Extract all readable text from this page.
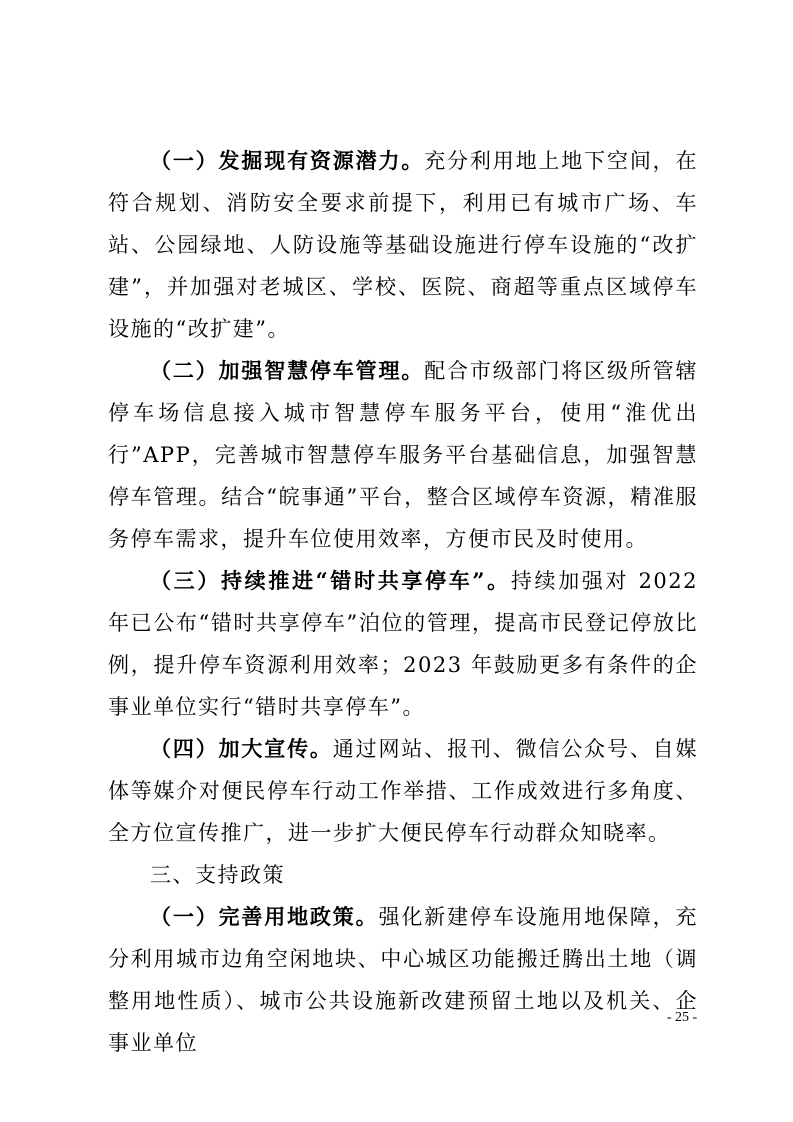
（一）发掘现有资源潜力。充分利用地上地下空间，在符合规划、消防安全要求前提下，利用已有城市广场、车站、公园绿地、人防设施等基础设施进行停车设施的“改扩建”，并加强对老城区、学校、医院、商超等重点区域停车设施的“改扩建”。

（二）加强智慧停车管理。配合市级部门将区级所管辖停车场信息接入城市智慧停车服务平台，使用“淮优出行”APP，完善城市智慧停车服务平台基础信息，加强智慧停车管理。结合“皖事通”平台，整合区域停车资源，精准服务停车需求，提升车位使用效率，方便市民及时使用。

（三）持续推进“错时共享停车”。持续加强对 2022 年已公布“错时共享停车”泊位的管理，提高市民登记停放比例，提升停车资源利用效率；2023 年鼓励更多有条件的企事业单位实行“错时共享停车”。

（四）加大宣传。通过网站、报刊、微信公众号、自媒体等媒介对便民停车行动工作举措、工作成效进行多角度、全方位宣传推广，进一步扩大便民停车行动群众知晓率。

三、支持政策

（一）完善用地政策。强化新建停车设施用地保障，充分利用城市边角空闲地块、中心城区功能搬迁腾出土地（调整用地性质）、城市公共设施新改建预留土地以及机关、企事业单位

- 25 -
